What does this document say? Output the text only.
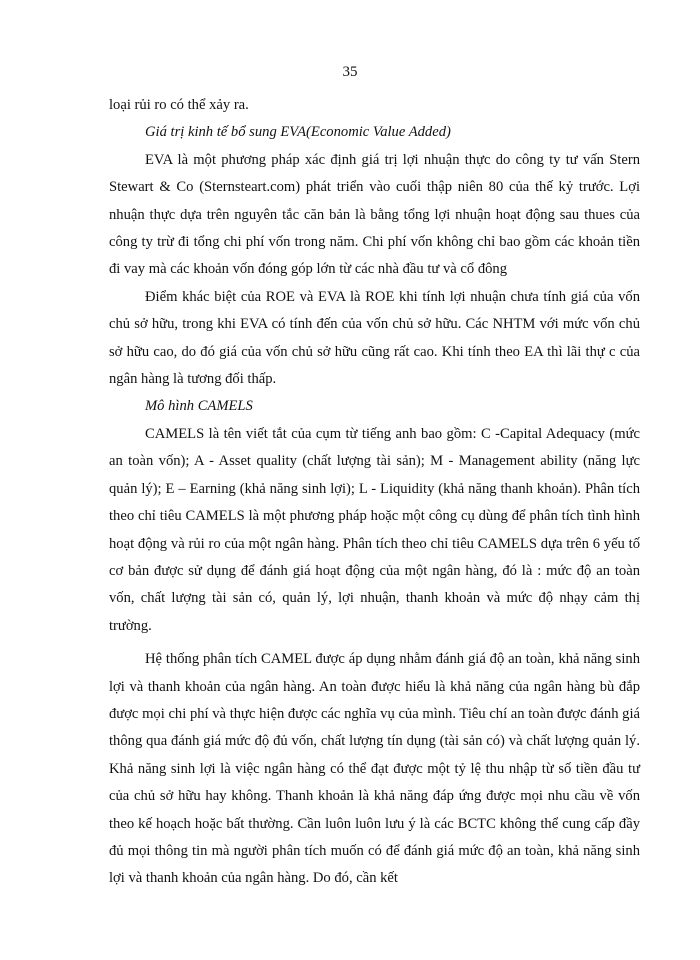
35

loại rủi ro có thể xảy ra.

Giá trị kinh tế bổ sung EVA(Economic Value Added)

EVA là một phương pháp xác định giá trị lợi nhuận thực do công ty tư vấn Stern Stewart & Co (Sternsteart.com) phát triển vào cuối thập niên 80 của thế kỷ trước. Lợi nhuận thực dựa trên nguyên tắc căn bản là bằng tổng lợi nhuận hoạt động sau thues của công ty trừ đi tổng chi phí vốn trong năm. Chi phí vốn không chỉ bao gồm các khoản tiền đi vay mà các khoản vốn đóng góp lớn từ các nhà đầu tư và cổ đông

Điểm khác biệt của ROE và EVA là ROE khi tính lợi nhuận chưa tính giá của vốn chủ sở hữu, trong khi EVA có tính đến của vốn chủ sở hữu. Các NHTM với mức vốn chủ sở hữu cao, do đó giá của vốn chủ sở hữu cũng rất cao. Khi tính theo EA thì lãi thự c của ngân hàng là tương đối thấp.

Mô hình CAMELS

CAMELS là tên viết tắt của cụm từ tiếng anh bao gồm: C -Capital Adequacy (mức an toàn vốn); A - Asset quality (chất lượng tài sản); M - Management ability (năng lực quản lý); E – Earning (khả năng sinh lợi); L - Liquidity (khả năng thanh khoản). Phân tích theo chỉ tiêu CAMELS là một phương pháp hoặc một công cụ dùng để phân tích tình hình hoạt động và rủi ro của một ngân hàng. Phân tích theo chỉ tiêu CAMELS dựa trên 6 yếu tố cơ bản được sử dụng để đánh giá hoạt động của một ngân hàng, đó là : mức độ an toàn vốn, chất lượng tài sản có, quản lý, lợi nhuận, thanh khoản và mức độ nhạy cảm thị trường.

Hệ thống phân tích CAMEL được áp dụng nhằm đánh giá độ an toàn, khả năng sinh lợi và thanh khoản của ngân hàng. An toàn được hiểu là khả năng của ngân hàng bù đắp được mọi chi phí và thực hiện được các nghĩa vụ của mình. Tiêu chí an toàn được đánh giá thông qua đánh giá mức độ đủ vốn, chất lượng tín dụng (tài sản có) và chất lượng quản lý. Khả năng sinh lợi là việc ngân hàng có thể đạt được một tỷ lệ thu nhập từ số tiền đầu tư của chủ sở hữu hay không. Thanh khoản là khả năng đáp ứng được mọi nhu cầu về vốn theo kế hoạch hoặc bất thường. Cần luôn luôn lưu ý là các BCTC không thể cung cấp đầy đủ mọi thông tin mà người phân tích muốn có để đánh giá mức độ an toàn, khả năng sinh lợi và thanh khoản của ngân hàng. Do đó, cần kết
